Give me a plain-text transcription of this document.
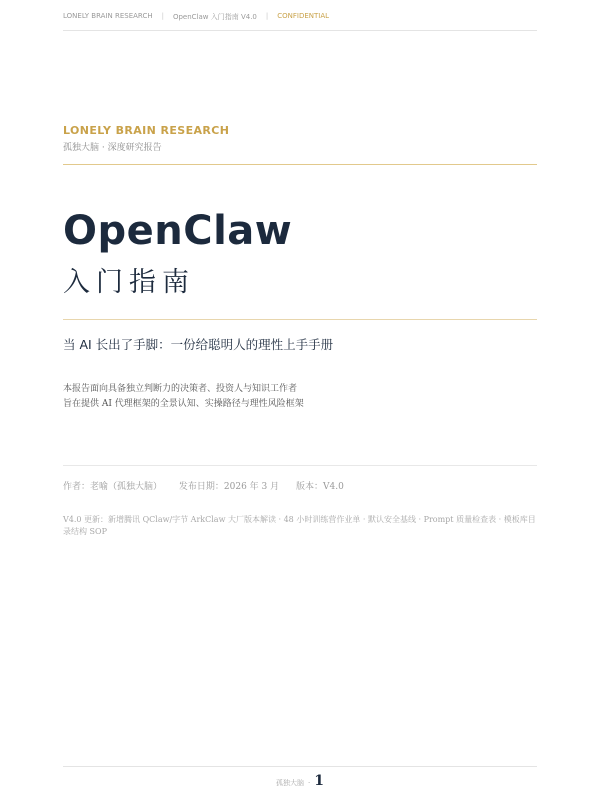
LONELY BRAIN RESEARCH | OpenClaw 入门指南 V4.0 | CONFIDENTIAL
LONELY BRAIN RESEARCH
孤独大脑 · 深度研究报告
OpenClaw
入门指南
当 AI 长出了手脚：一份给聪明人的理性上手手册
本报告面向具备独立判断力的决策者、投资人与知识工作者
旨在提供 AI 代理框架的全景认知、实操路径与理性风险框架
作者：老喻（孤独大脑） 发布日期：2026 年 3 月 版本：V4.0
V4.0 更新：新增腾讯 QClaw/字节 ArkClaw 大厂版本解读 · 48 小时训练营作业单 · 默认安全基线 · Prompt 质量检查表 · 模板库目录结构 SOP
孤独大脑 · 1
